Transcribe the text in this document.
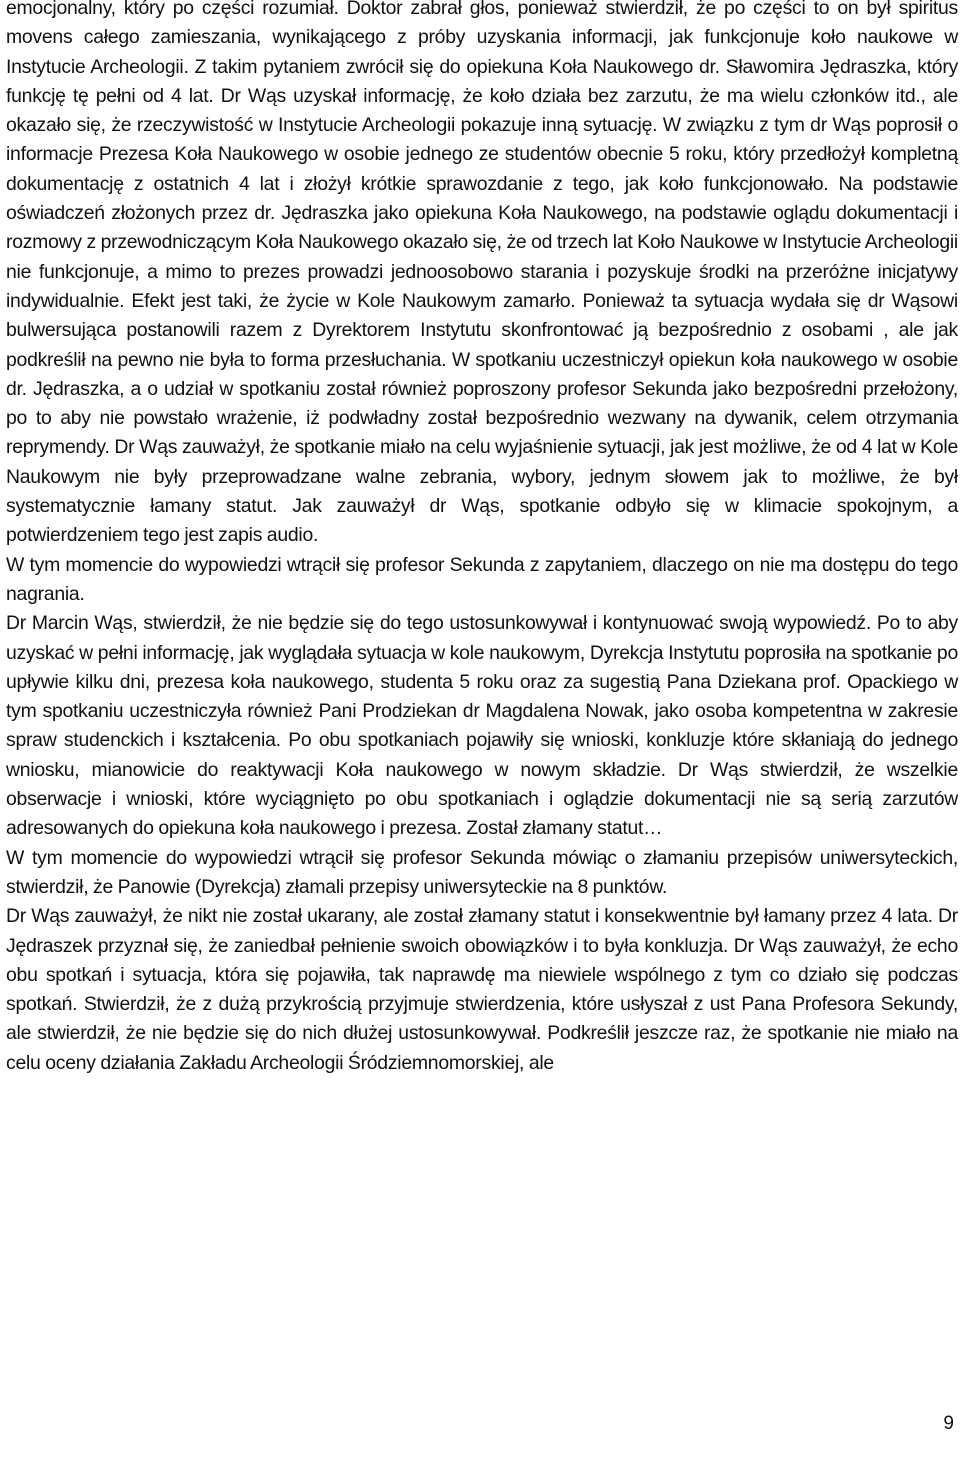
emocjonalny, który po części rozumiał. Doktor zabrał głos, ponieważ stwierdził, że po części to on był spiritus movens całego zamieszania, wynikającego z próby uzyskania informacji, jak funkcjonuje koło naukowe w Instytucie Archeologii. Z takim pytaniem zwrócił się do opiekuna Koła Naukowego dr. Sławomira Jędraszka, który funkcję tę pełni od 4 lat. Dr Wąs uzyskał informację, że koło działa bez zarzutu, że ma wielu członków itd., ale okazało się, że rzeczywistość w Instytucie Archeologii pokazuje inną sytuację. W związku z tym dr Wąs poprosił o informacje Prezesa Koła Naukowego w osobie jednego ze studentów obecnie 5 roku, który przedłożył kompletną dokumentację z ostatnich 4 lat i złożył krótkie sprawozdanie z tego, jak koło funkcjonowało. Na podstawie oświadczeń złożonych przez dr. Jędraszka jako opiekuna Koła Naukowego, na podstawie oglądu dokumentacji i rozmowy z przewodniczącym Koła Naukowego okazało się, że od trzech lat Koło Naukowe w Instytucie Archeologii nie funkcjonuje, a mimo to prezes prowadzi jednoosobowo starania i pozyskuje środki na przeróżne inicjatywy indywidualnie. Efekt jest taki, że życie w Kole Naukowym zamarło. Ponieważ ta sytuacja wydała się dr Wąsowi bulwersująca postanowili razem z Dyrektorem Instytutu skonfrontować ją bezpośrednio z osobami , ale jak podkreślił na pewno nie była to forma przesłuchania. W spotkaniu uczestniczył opiekun koła naukowego w osobie dr. Jędraszka, a o udział w spotkaniu został również poproszony profesor Sekunda jako bezpośredni przełożony, po to aby nie powstało wrażenie, iż podwładny został bezpośrednio wezwany na dywanik, celem otrzymania reprymendy. Dr Wąs zauważył, że spotkanie miało na celu wyjaśnienie sytuacji, jak jest możliwe, że od 4 lat w Kole Naukowym nie były przeprowadzane walne zebrania, wybory, jednym słowem jak to możliwe, że był systematycznie łamany statut. Jak zauważył dr Wąs, spotkanie odbyło się w klimacie spokojnym, a potwierdzeniem tego jest zapis audio.

W tym momencie do wypowiedzi wtrącił się profesor Sekunda z zapytaniem, dlaczego on nie ma dostępu do tego nagrania.

Dr Marcin Wąs, stwierdził, że nie będzie się do tego ustosunkowywał i kontynuować swoją wypowiedź. Po to aby uzyskać w pełni informację, jak wyglądała sytuacja w kole naukowym, Dyrekcja Instytutu poprosiła na spotkanie po upływie kilku dni, prezesa koła naukowego, studenta 5 roku oraz za sugestią Pana Dziekana prof. Opackiego w tym spotkaniu uczestniczyła również Pani Prodziekan dr Magdalena Nowak, jako osoba kompetentna w zakresie spraw studenckich i kształcenia. Po obu spotkaniach pojawiły się wnioski, konkluzje które skłaniają do jednego wniosku, mianowicie do reaktywacji Koła naukowego w nowym składzie. Dr Wąs stwierdził, że wszelkie obserwacje i wnioski, które wyciągnięto po obu spotkaniach i oglądzie dokumentacji nie są serią zarzutów adresowanych do opiekuna koła naukowego i prezesa. Został złamany statut…

W tym momencie do wypowiedzi wtrącił się profesor Sekunda mówiąc o złamaniu przepisów uniwersyteckich, stwierdził, że Panowie (Dyrekcja) złamali przepisy uniwersyteckie na 8 punktów.

Dr Wąs zauważył, że nikt nie został ukarany, ale został złamany statut i konsekwentnie był łamany przez 4 lata. Dr Jędraszek przyznał się, że zaniedbał pełnienie swoich obowiązków i to była konkluzja. Dr Wąs zauważył, że echo obu spotkań i sytuacja, która się pojawiła, tak naprawdę ma niewiele wspólnego z tym co działo się podczas spotkań. Stwierdził, że z dużą przykrością przyjmuje stwierdzenia, które usłyszał z ust Pana Profesora Sekundy, ale stwierdził, że nie będzie się do nich dłużej ustosunkowywał. Podkreślił jeszcze raz, że spotkanie nie miało na celu oceny działania Zakładu Archeologii Śródziemnomorskiej, ale

9
